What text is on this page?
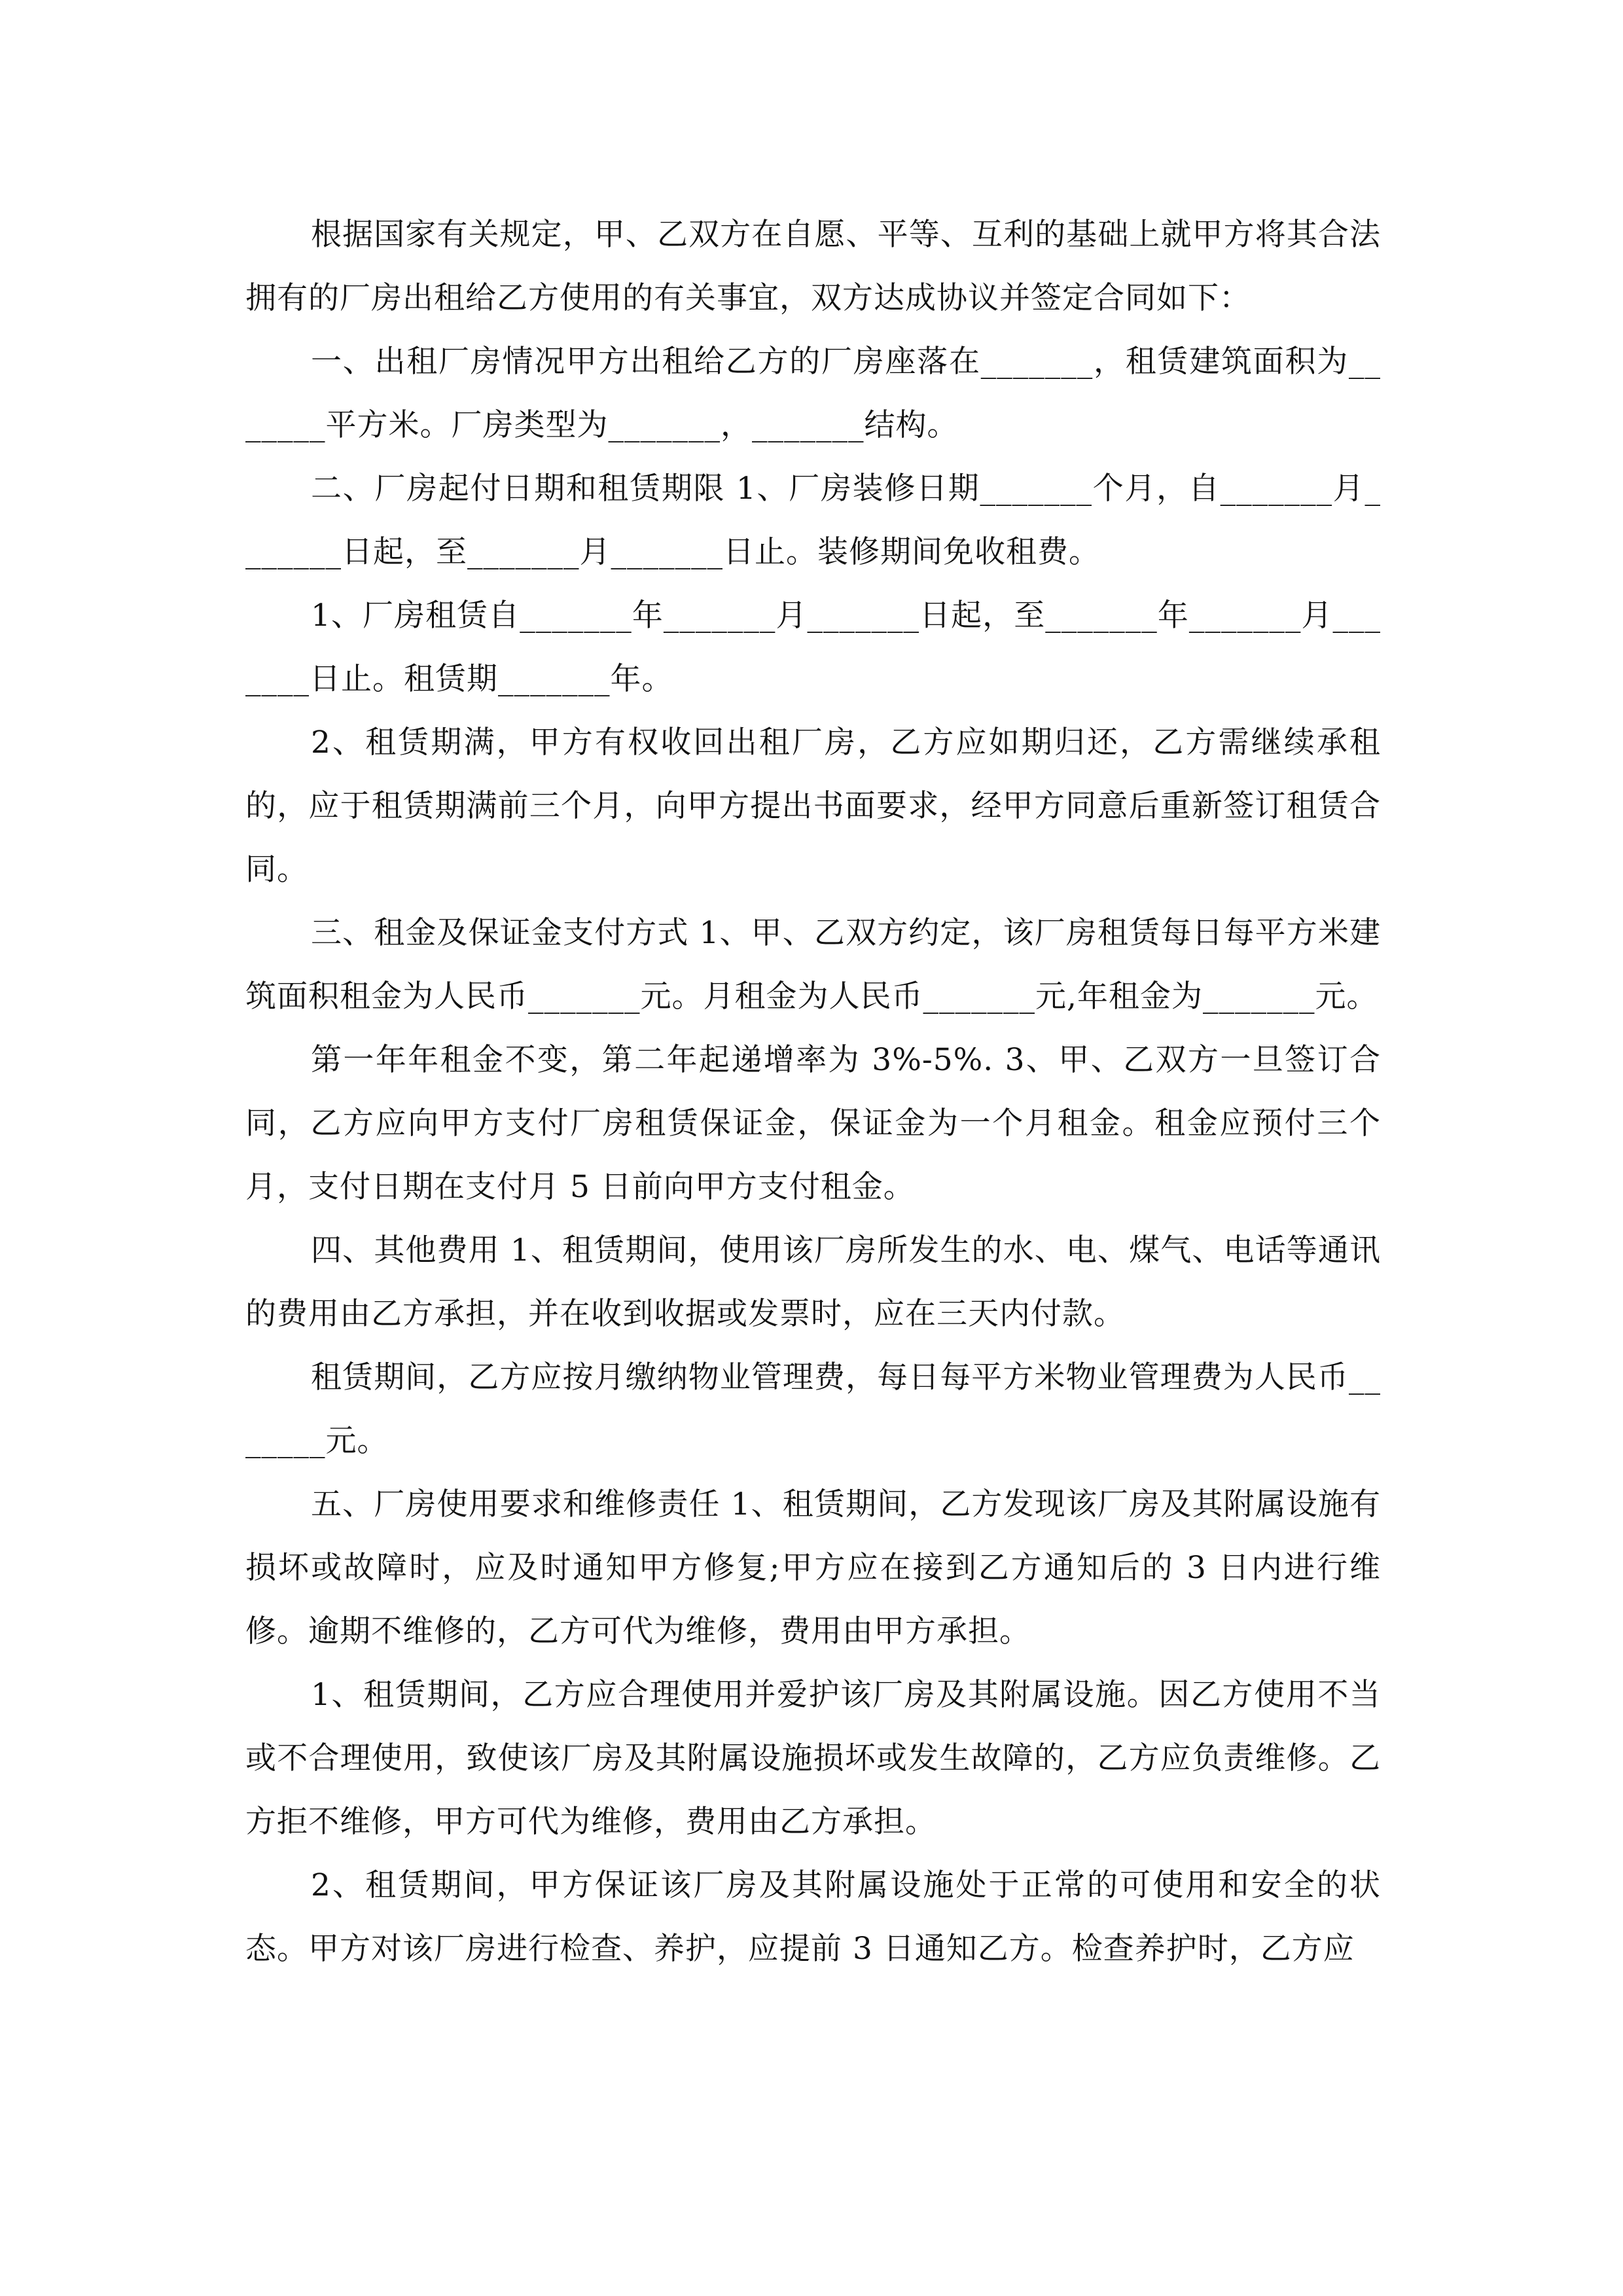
根据国家有关规定，甲、乙双方在自愿、平等、互利的基础上就甲方将其合法拥有的厂房出租给乙方使用的有关事宜，双方达成协议并签定合同如下：

一、出租厂房情况甲方出租给乙方的厂房座落在_______，租赁建筑面积为_______平方米。厂房类型为_______，_______结构。

二、厂房起付日期和租赁期限 1、厂房装修日期_______个月，自_______月_______日起，至_______月_______日止。装修期间免收租费。

1、厂房租赁自_______年_______月_______日起，至_______年_______月_______日止。租赁期_______年。

2、租赁期满，甲方有权收回出租厂房，乙方应如期归还，乙方需继续承租的，应于租赁期满前三个月，向甲方提出书面要求，经甲方同意后重新签订租赁合同。

三、租金及保证金支付方式 1、甲、乙双方约定，该厂房租赁每日每平方米建筑面积租金为人民币_______元。月租金为人民币_______元,年租金为_______元。

第一年年租金不变，第二年起递增率为 3%-5%. 3、甲、乙双方一旦签订合同，乙方应向甲方支付厂房租赁保证金，保证金为一个月租金。租金应预付三个月，支付日期在支付月 5 日前向甲方支付租金。

四、其他费用 1、租赁期间，使用该厂房所发生的水、电、煤气、电话等通讯的费用由乙方承担，并在收到收据或发票时，应在三天内付款。

租赁期间，乙方应按月缴纳物业管理费，每日每平方米物业管理费为人民币_______元。

五、厂房使用要求和维修责任 1、租赁期间，乙方发现该厂房及其附属设施有损坏或故障时，应及时通知甲方修复;甲方应在接到乙方通知后的 3 日内进行维修。逾期不维修的，乙方可代为维修，费用由甲方承担。

1、租赁期间，乙方应合理使用并爱护该厂房及其附属设施。因乙方使用不当或不合理使用，致使该厂房及其附属设施损坏或发生故障的，乙方应负责维修。乙方拒不维修，甲方可代为维修，费用由乙方承担。

2、租赁期间，甲方保证该厂房及其附属设施处于正常的可使用和安全的状态。甲方对该厂房进行检查、养护，应提前 3 日通知乙方。检查养护时，乙方应
